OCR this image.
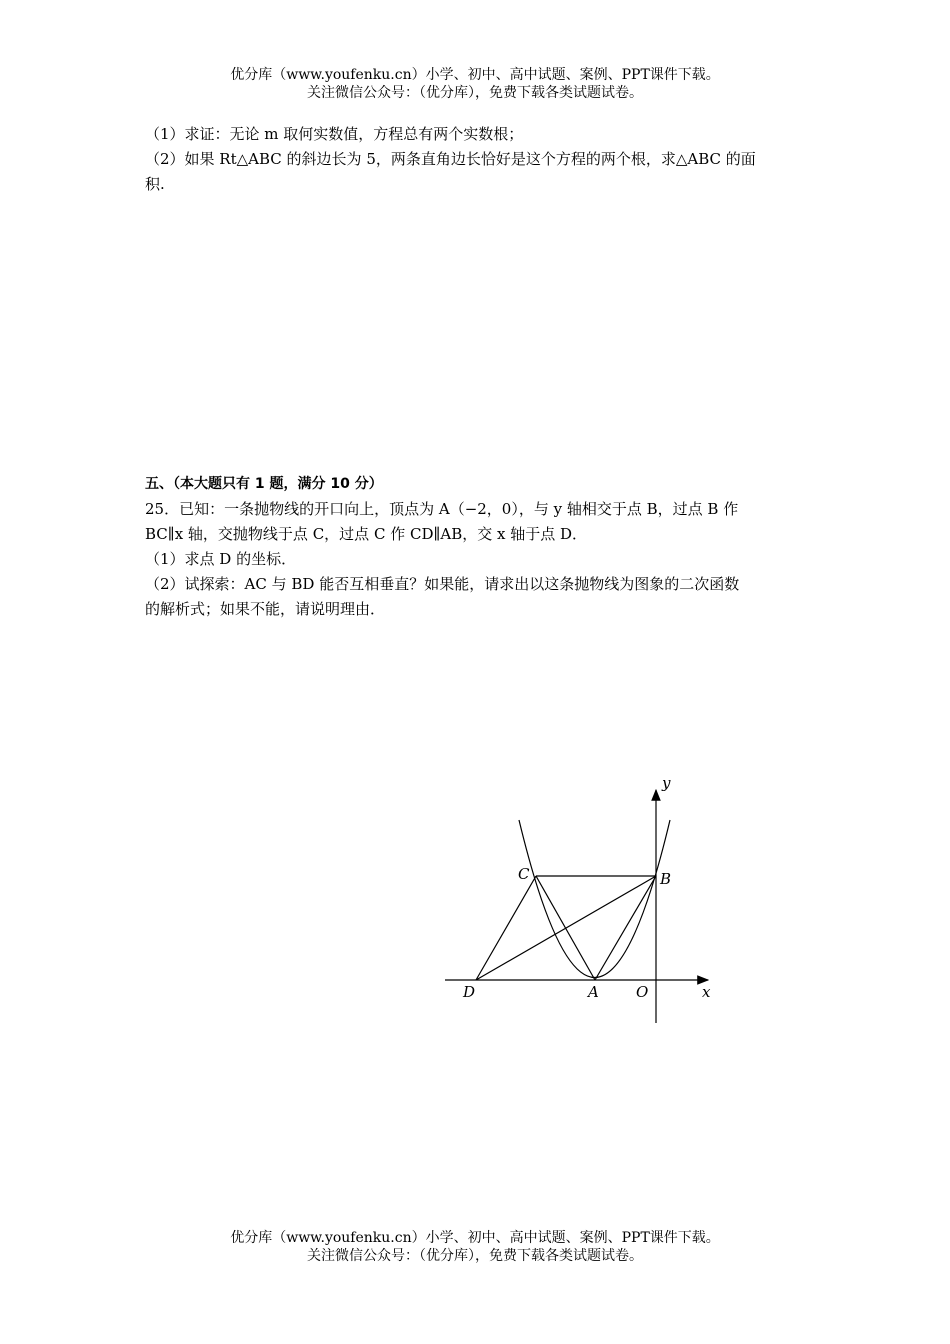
优分库（www.youfenku.cn）小学、初中、高中试题、案例、PPT课件下载。
关注微信公众号：（优分库），免费下载各类试题试卷。

（1）求证：无论 m 取何实数值，方程总有两个实数根；

（2）如果 Rt△ABC 的斜边长为 5，两条直角边长恰好是这个方程的两个根，求△ABC 的面

积.

五、（本大题只有 1 题，满分 10 分）

25．已知：一条抛物线的开口向上，顶点为 A（−2，0），与 y 轴相交于点 B，过点 B 作

BC∥x 轴，交抛物线于点 C，过点 C 作 CD∥AB，交 x 轴于点 D．

（1）求点 D 的坐标．

（2）试探索：AC 与 BD 能否互相垂直？如果能，请求出以这条抛物线为图象的二次函数

的解析式；如果不能，请说明理由．

y
x
B
C
D	A O
优分库（www.youfenku.cn）小学、初中、高中试题、案例、PPT课件下载。
关注微信公众号：（优分库），免费下载各类试题试卷。
